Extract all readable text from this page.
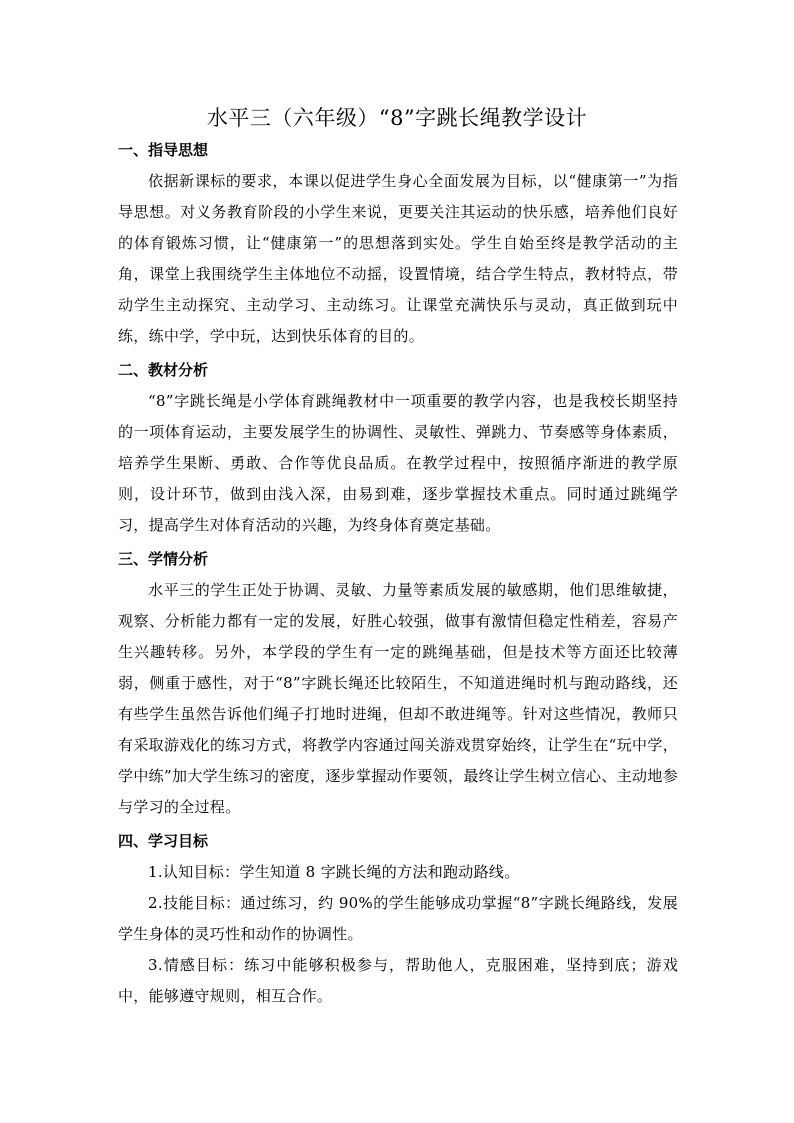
水平三（六年级）“8”字跳长绳教学设计
一、指导思想

依据新课标的要求，本课以促进学生身心全面发展为目标，以“健康第一”为指导思想。对义务教育阶段的小学生来说，更要关注其运动的快乐感，培养他们良好的体育锻炼习惯，让“健康第一”的思想落到实处。学生自始至终是教学活动的主角，课堂上我围绕学生主体地位不动摇，设置情境，结合学生特点，教材特点，带动学生主动探究、主动学习、主动练习。让课堂充满快乐与灵动，真正做到玩中练，练中学，学中玩，达到快乐体育的目的。

二、教材分析

“8”字跳长绳是小学体育跳绳教材中一项重要的教学内容，也是我校长期坚持的一项体育运动，主要发展学生的协调性、灵敏性、弹跳力、节奏感等身体素质，培养学生果断、勇敢、合作等优良品质。在教学过程中，按照循序渐进的教学原则，设计环节，做到由浅入深，由易到难，逐步掌握技术重点。同时通过跳绳学习，提高学生对体育活动的兴趣，为终身体育奠定基础。

三、学情分析

水平三的学生正处于协调、灵敏、力量等素质发展的敏感期，他们思维敏捷，观察、分析能力都有一定的发展，好胜心较强，做事有激情但稳定性稍差，容易产生兴趣转移。另外，本学段的学生有一定的跳绳基础，但是技术等方面还比较薄弱，侧重于感性，对于“8”字跳长绳还比较陌生，不知道进绳时机与跑动路线，还有些学生虽然告诉他们绳子打地时进绳，但却不敢进绳等。针对这些情况，教师只有采取游戏化的练习方式，将教学内容通过闯关游戏贯穿始终，让学生在“玩中学，学中练”加大学生练习的密度，逐步掌握动作要领，最终让学生树立信心、主动地参与学习的全过程。

四、学习目标

1.认知目标：学生知道 8 字跳长绳的方法和跑动路线。

2.技能目标：通过练习，约 90%的学生能够成功掌握“8”字跳长绳路线，发展学生身体的灵巧性和动作的协调性。

3.情感目标：练习中能够积极参与，帮助他人，克服困难，坚持到底；游戏中，能够遵守规则，相互合作。
